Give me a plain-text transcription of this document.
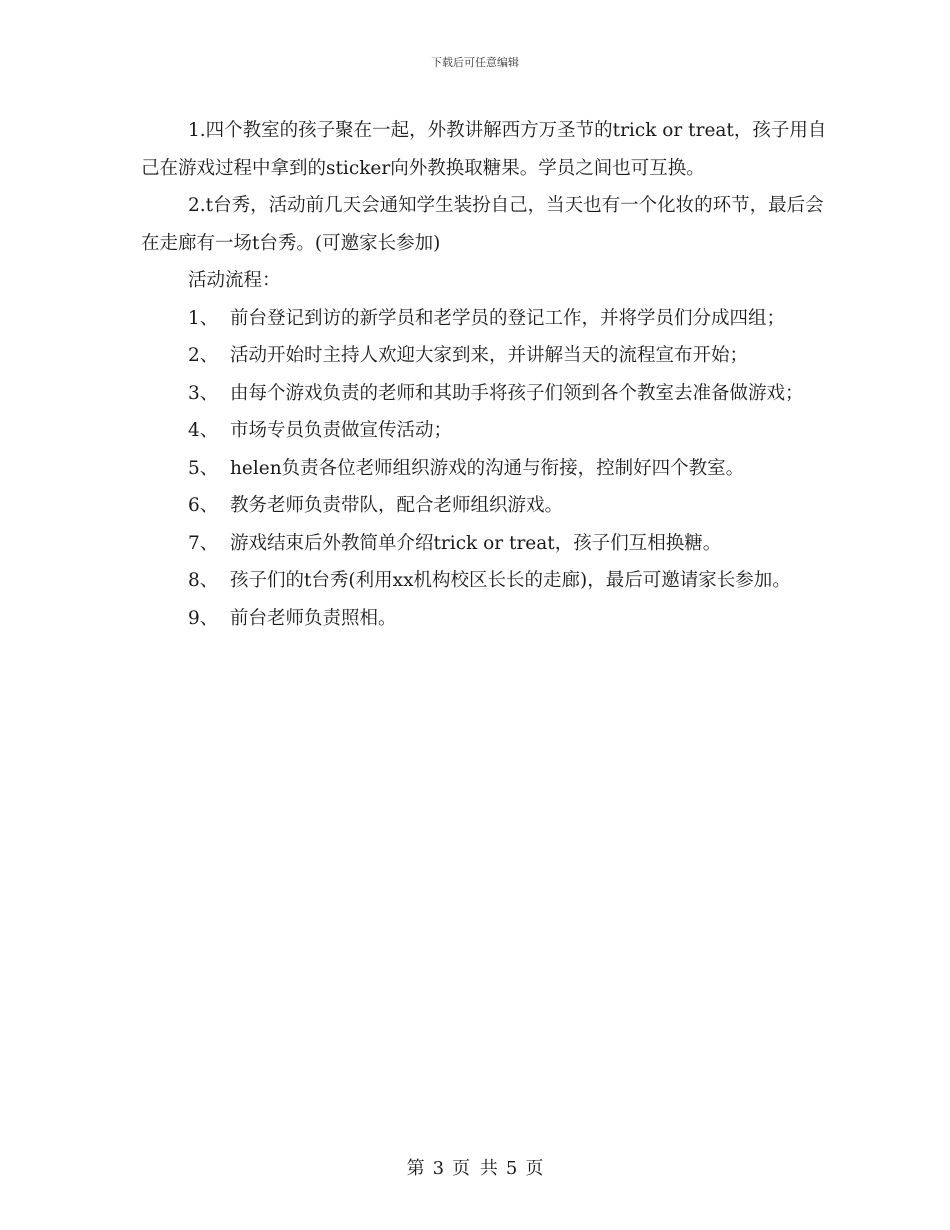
下载后可任意编辑

1.四个教室的孩子聚在一起，外教讲解西方万圣节的trick or treat，孩子用自己在游戏过程中拿到的sticker向外教换取糖果。学员之间也可互换。

2.t台秀，活动前几天会通知学生装扮自己，当天也有一个化妆的环节，最后会在走廊有一场t台秀。(可邀家长参加)

活动流程：

1、 前台登记到访的新学员和老学员的登记工作，并将学员们分成四组；

2、 活动开始时主持人欢迎大家到来，并讲解当天的流程宣布开始；

3、 由每个游戏负责的老师和其助手将孩子们领到各个教室去准备做游戏；

4、 市场专员负责做宣传活动；

5、 helen负责各位老师组织游戏的沟通与衔接，控制好四个教室。

6、 教务老师负责带队，配合老师组织游戏。

7、 游戏结束后外教简单介绍trick or treat，孩子们互相换糖。

8、 孩子们的t台秀(利用xx机构校区长长的走廊)，最后可邀请家长参加。

9、 前台老师负责照相。

第 3 页 共 5 页
